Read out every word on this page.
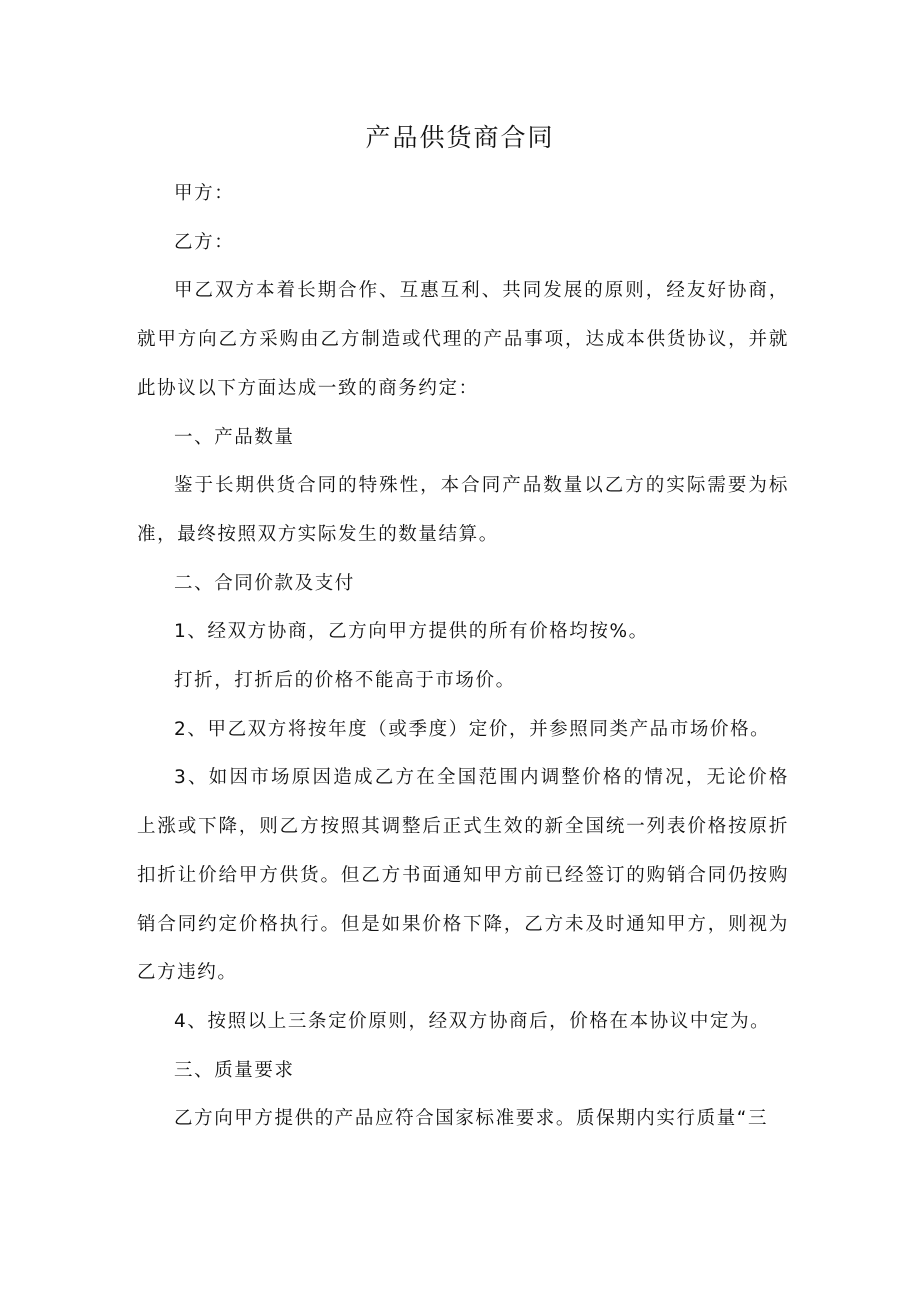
产品供货商合同

甲方：

乙方：

甲乙双方本着长期合作、互惠互利、共同发展的原则，经友好协商，就甲方向乙方采购由乙方制造或代理的产品事项，达成本供货协议，并就此协议以下方面达成一致的商务约定：

一、产品数量

鉴于长期供货合同的特殊性，本合同产品数量以乙方的实际需要为标准，最终按照双方实际发生的数量结算。

二、合同价款及支付

1、经双方协商，乙方向甲方提供的所有价格均按%。

打折，打折后的价格不能高于市场价。

2、甲乙双方将按年度（或季度）定价，并参照同类产品市场价格。

3、如因市场原因造成乙方在全国范围内调整价格的情况，无论价格上涨或下降，则乙方按照其调整后正式生效的新全国统一列表价格按原折扣折让价给甲方供货。但乙方书面通知甲方前已经签订的购销合同仍按购销合同约定价格执行。但是如果价格下降，乙方未及时通知甲方，则视为乙方违约。

4、按照以上三条定价原则，经双方协商后，价格在本协议中定为。

三、质量要求

乙方向甲方提供的产品应符合国家标准要求。质保期内实行质量“三
